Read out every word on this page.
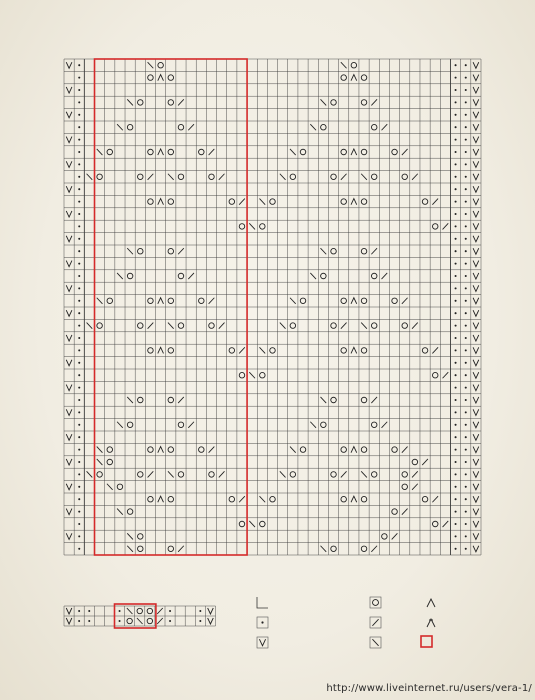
http://www.liveinternet.ru/users/vera-1/
